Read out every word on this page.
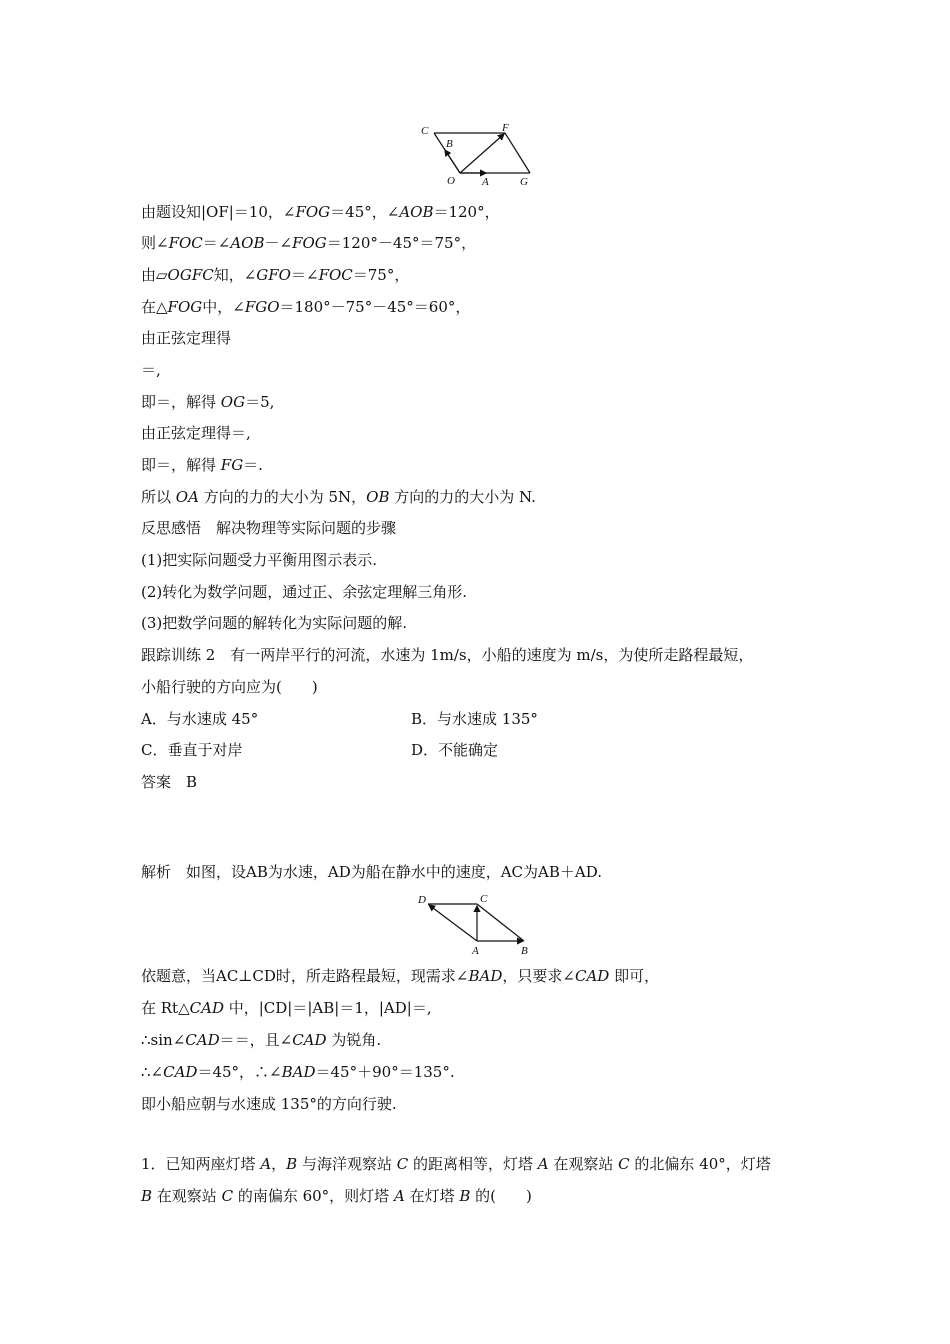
C
B
F
O A	G
由题设知|OF|＝10，∠FOG＝45°，∠AOB＝120°，
则∠FOC＝∠AOB－∠FOG＝120°－45°＝75°，
由▱OGFC知，∠GFO＝∠FOC＝75°，
在△FOG中，∠FGO＝180°－75°－45°＝60°，
由正弦定理得
＝,
即＝，解得 OG＝5,
由正弦定理得＝,
即＝，解得 FG＝.
所以 OA 方向的力的大小为 5N，OB 方向的力的大小为 N.
反思感悟　解决物理等实际问题的步骤
(1)把实际问题受力平衡用图示表示.
(2)转化为数学问题，通过正、余弦定理解三角形.
(3)把数学问题的解转化为实际问题的解.
跟踪训练 2　有一两岸平行的河流，水速为 1m/s，小船的速度为 m/s，为使所走路程最短，
小船行驶的方向应为(　　)
A．与水速成 45°	B．与水速成 135°
C．垂直于对岸	D．不能确定
答案　B
解析　如图，设AB为水速，AD为船在静水中的速度，AC为AB＋AD.
D	C
A	B
依题意，当AC⊥CD时，所走路程最短，现需求∠BAD，只要求∠CAD 即可，
在 Rt△CAD 中，|CD|＝|AB|＝1，|AD|＝,
∴sin∠CAD＝＝，且∠CAD 为锐角.
∴∠CAD＝45°，∴∠BAD＝45°＋90°＝135°.
即小船应朝与水速成 135°的方向行驶.
1．已知两座灯塔 A，B 与海洋观察站 C 的距离相等，灯塔 A 在观察站 C 的北偏东 40°，灯塔
B 在观察站 C 的南偏东 60°，则灯塔 A 在灯塔 B 的(　　)
